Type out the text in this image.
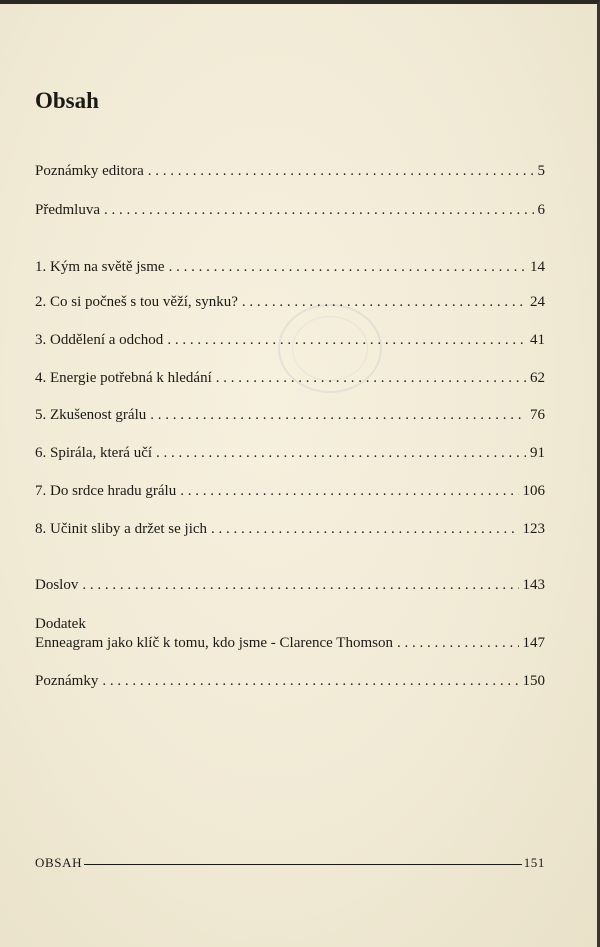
Obsah
Poznámky editora . . .	5
Předmluva . . .	6
1. Kým na světě jsme . . .	14
2. Co si počneš s tou věží, synku? . . .	24
3. Oddělení a odchod . . .	41
4. Energie potřebná k hledání . . .	62
5. Zkušenost grálu . . .	76
6. Spirála, která učí . . .	91
7. Do srdce hradu grálu . . .	106
8. Učinit sliby a držet se jich . . .	123
Doslov . . .	143
Dodatek
Enneagram jako klíč k tomu, kdo jsme - Clarence Thomson . . .	147
Poznámky . . .	150
OBSAH	151
